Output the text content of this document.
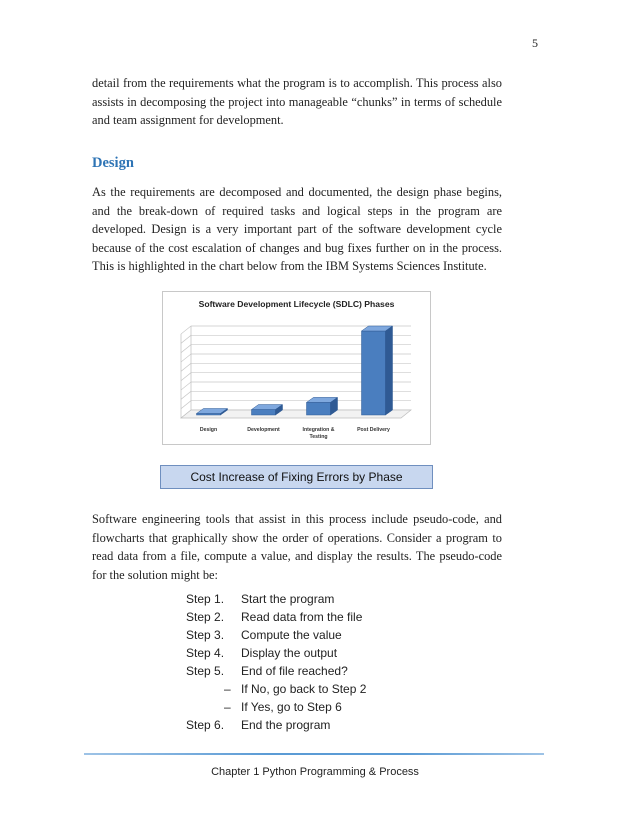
5

detail from the requirements what the program is to accomplish. This process also assists in decomposing the project into manageable “chunks” in terms of schedule and team assignment for development.

Design

As the requirements are decomposed and documented, the design phase begins, and the break-down of required tasks and logical steps in the program are developed. Design is a very important part of the software development cycle because of the cost escalation of changes and bug fixes further on in the process. This is highlighted in the chart below from the IBM Systems Sciences Institute.

Software Development Lifecycle (SDLC) Phases
Design	Development	Integration &
Testing
Post Delivery
Cost Increase of Fixing Errors by Phase

Software engineering tools that assist in this process include pseudo-code, and flowcharts that graphically show the order of operations. Consider a program to read data from a file, compute a value, and display the results. The pseudo-code for the solution might be:

Step 1.	Start the program
Step 2.	Read data from the file
Step 3.	Compute the value
Step 4.	Display the output
Step 5.	End of file reached?
– If No, go back to Step 2
– If Yes, go to Step 6
Step 6.	End the program
Chapter 1 Python Programming & Process
